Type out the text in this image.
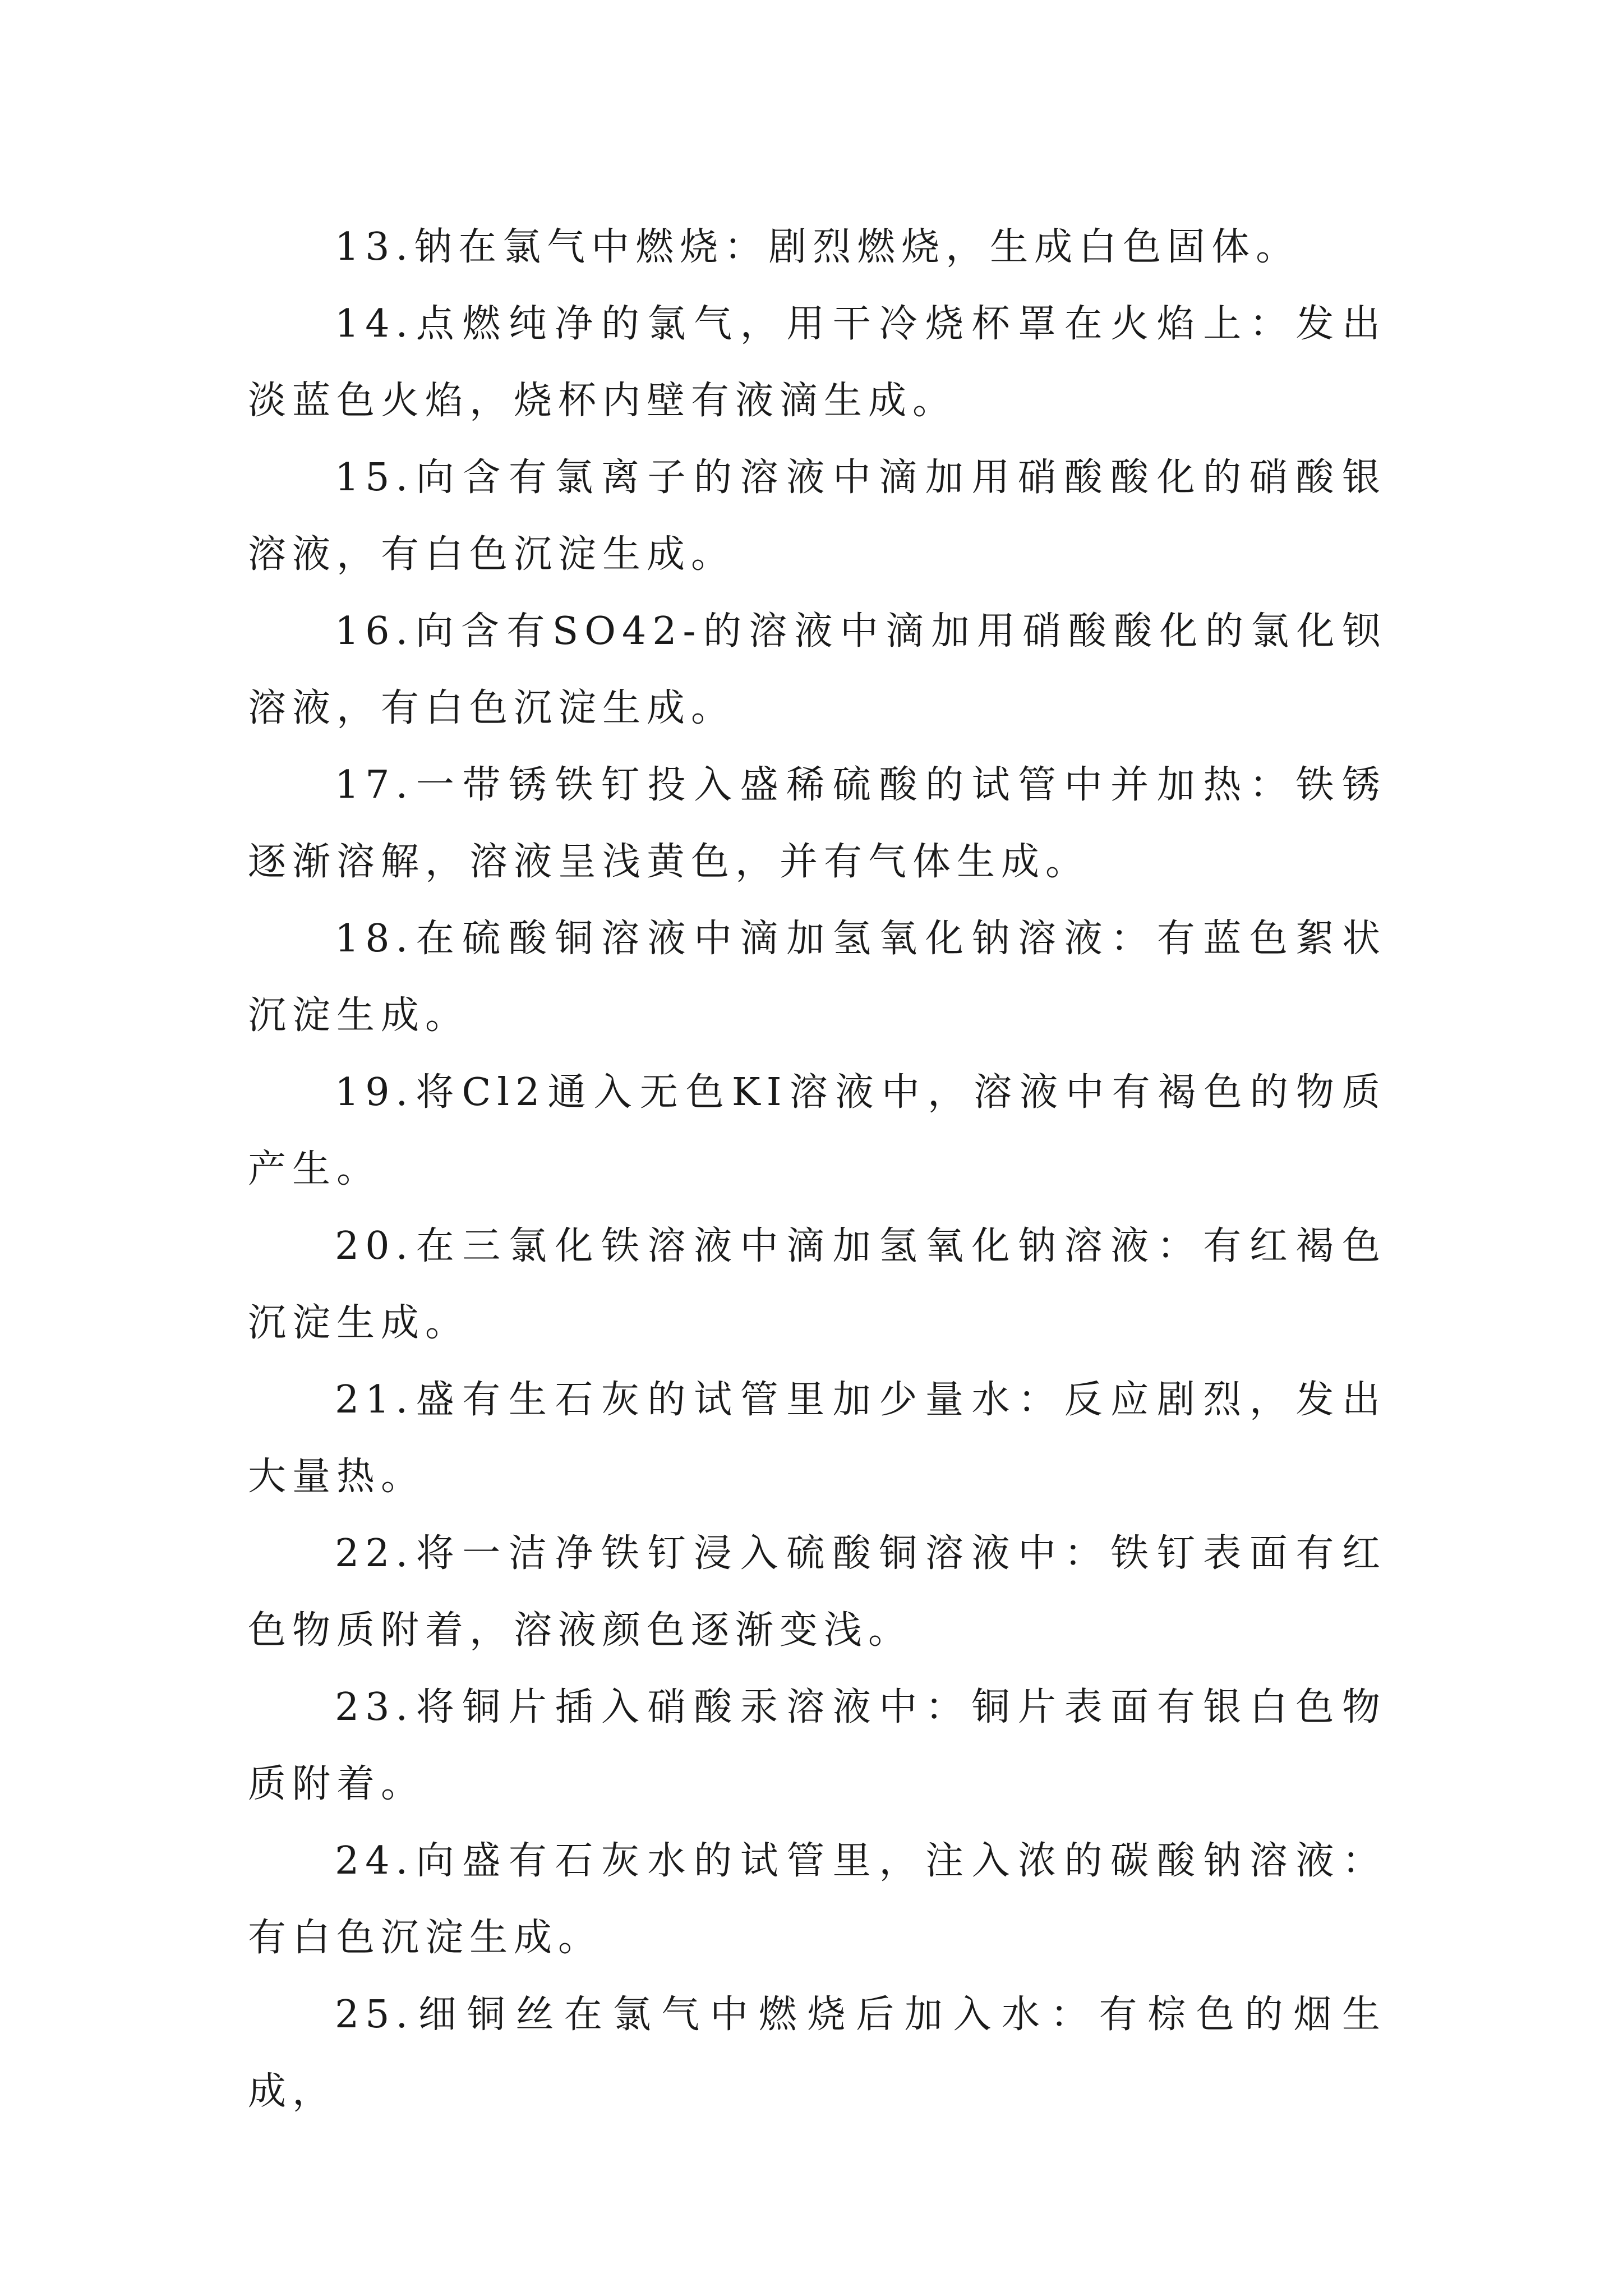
13.钠在氯气中燃烧：剧烈燃烧，生成白色固体。

14.点燃纯净的氯气，用干冷烧杯罩在火焰上：发出淡蓝色火焰，烧杯内壁有液滴生成。

15.向含有氯离子的溶液中滴加用硝酸酸化的硝酸银溶液，有白色沉淀生成。

16.向含有SO42-的溶液中滴加用硝酸酸化的氯化钡溶液，有白色沉淀生成。

17.一带锈铁钉投入盛稀硫酸的试管中并加热：铁锈逐渐溶解，溶液呈浅黄色，并有气体生成。

18.在硫酸铜溶液中滴加氢氧化钠溶液：有蓝色絮状沉淀生成。

19.将Cl2通入无色KI溶液中，溶液中有褐色的物质产生。

20.在三氯化铁溶液中滴加氢氧化钠溶液：有红褐色沉淀生成。

21.盛有生石灰的试管里加少量水：反应剧烈，发出大量热。

22.将一洁净铁钉浸入硫酸铜溶液中：铁钉表面有红色物质附着，溶液颜色逐渐变浅。

23.将铜片插入硝酸汞溶液中：铜片表面有银白色物质附着。

24.向盛有石灰水的试管里，注入浓的碳酸钠溶液：有白色沉淀生成。

25.细铜丝在氯气中燃烧后加入水：有棕色的烟生成，
